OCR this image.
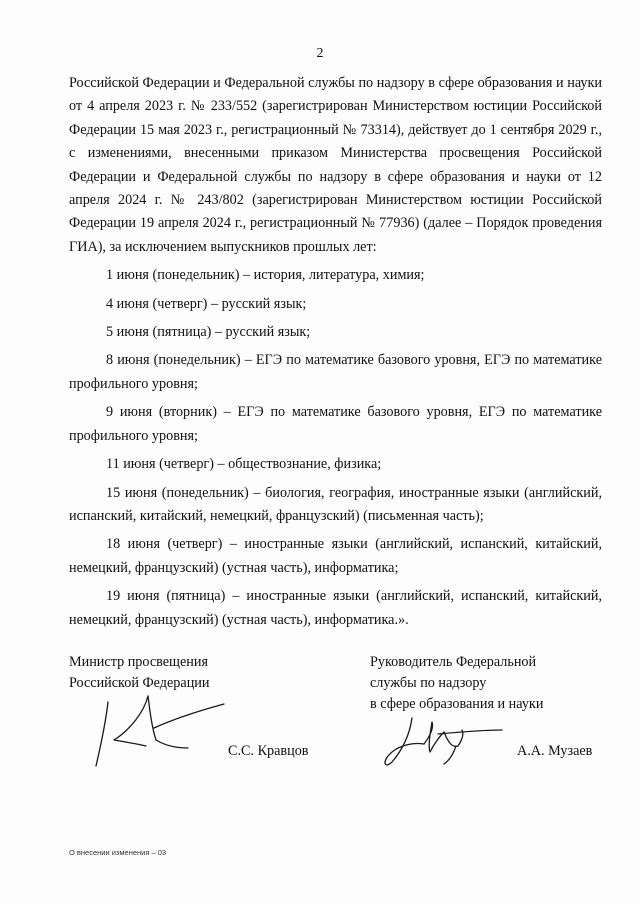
2

Российской Федерации и Федеральной службы по надзору в сфере образования и науки от 4 апреля 2023 г. № 233/552 (зарегистрирован Министерством юстиции Российской Федерации 15 мая 2023 г., регистрационный № 73314), действует до 1 сентября 2029 г., с изменениями, внесенными приказом Министерства просвещения Российской Федерации и Федеральной службы по надзору в сфере образования и науки от 12 апреля 2024 г. № 243/802 (зарегистрирован Министерством юстиции Российской Федерации 19 апреля 2024 г., регистрационный № 77936) (далее – Порядок проведения ГИА), за исключением выпускников прошлых лет:

1 июня (понедельник) – история, литература, химия;

4 июня (четверг) – русский язык;

5 июня (пятница) – русский язык;

8 июня (понедельник) – ЕГЭ по математике базового уровня, ЕГЭ по математике профильного уровня;

9 июня (вторник) – ЕГЭ по математике базового уровня, ЕГЭ по математике профильного уровня;

11 июня (четверг) – обществознание, физика;

15 июня (понедельник) – биология, география, иностранные языки (английский, испанский, китайский, немецкий, французский) (письменная часть);

18 июня (четверг) – иностранные языки (английский, испанский, китайский, немецкий, французский) (устная часть), информатика;

19 июня (пятница) – иностранные языки (английский, испанский, китайский, немецкий, французский) (устная часть), информатика.».

Министр просвещения
Российской Федерации
С.С. Кравцов
Руководитель Федеральной
службы по надзору
в сфере образования и науки
А.А. Музаев
О внесении изменения – 03
